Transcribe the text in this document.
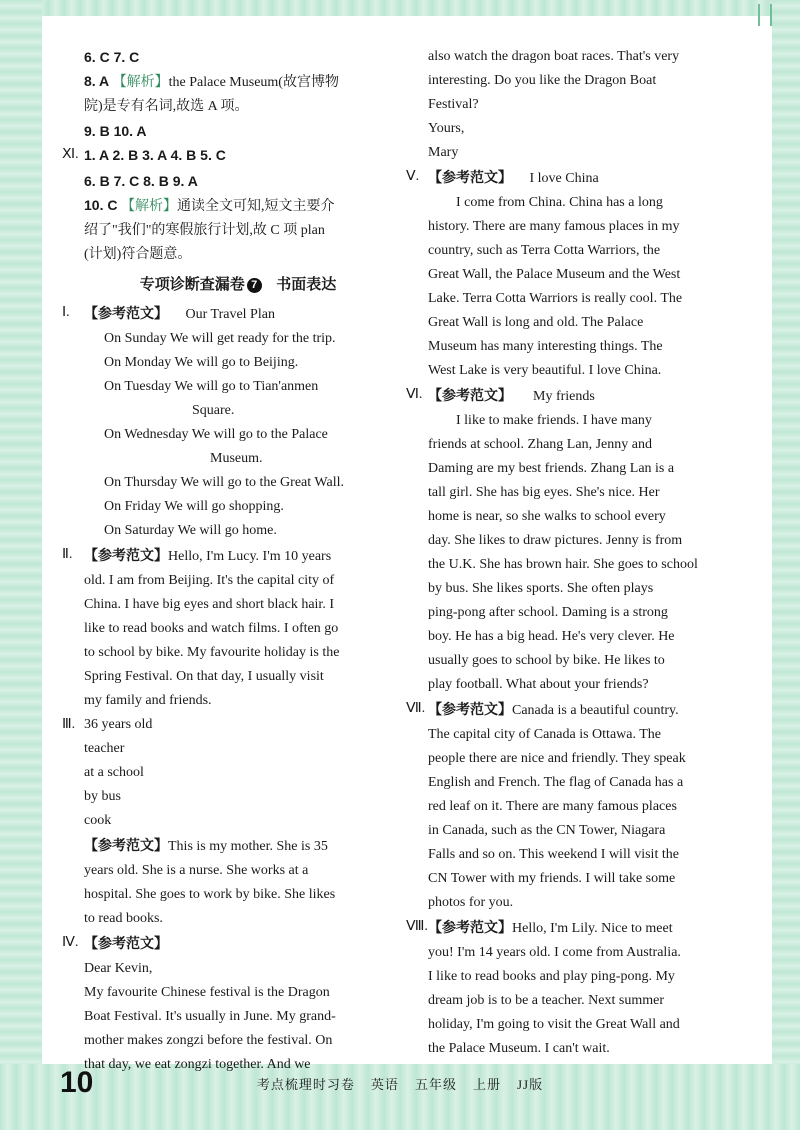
6. C 7. C
8. A 【解析】the Palace Museum(故宫博物
院)是专有名词,故选 A 项。
9. B 10. A
Ⅺ. 1. A 2. B 3. A 4. B 5. C
6. B 7. C 8. B 9. A
10. C 【解析】通读全文可知,短文主要介
绍了"我们"的寒假旅行计划,故 C 项 plan
(计划)符合题意。
专项诊断查漏卷 7 书面表达
Ⅰ. 【参考范文】 Our Travel Plan
On Sunday We will get ready for the trip.
On Monday We will go to Beijing.
On Tuesday We will go to Tian'anmen
Square.
On Wednesday We will go to the Palace
Museum.
On Thursday We will go to the Great Wall.
On Friday We will go shopping.
On Saturday We will go home.
Ⅱ. 【参考范文】Hello, I'm Lucy. I'm 10 years
old. I am from Beijing. It's the capital city of
China. I have big eyes and short black hair. I
like to read books and watch films. I often go
to school by bike. My favourite holiday is the
Spring Festival. On that day, I usually visit
my family and friends.
Ⅲ. 36 years old
teacher
at a school
by bus
cook
【参考范文】This is my mother. She is 35
years old. She is a nurse. She works at a
hospital. She goes to work by bike. She likes
to read books.
Ⅳ. 【参考范文】
Dear Kevin,
My favourite Chinese festival is the Dragon
Boat Festival. It's usually in June. My grand-
mother makes zongzi before the festival. On
that day, we eat zongzi together. And we
also watch the dragon boat races. That's very
interesting. Do you like the Dragon Boat
Festival?
Yours,
Mary
Ⅴ. 【参考范文】 I love China
I come from China. China has a long
history. There are many famous places in my
country, such as Terra Cotta Warriors, the
Great Wall, the Palace Museum and the West
Lake. Terra Cotta Warriors is really cool. The
Great Wall is long and old. The Palace
Museum has many interesting things. The
West Lake is very beautiful. I love China.
Ⅵ. 【参考范文】 My friends
I like to make friends. I have many
friends at school. Zhang Lan, Jenny and
Daming are my best friends. Zhang Lan is a
tall girl. She has big eyes. She's nice. Her
home is near, so she walks to school every
day. She likes to draw pictures. Jenny is from
the U.K. She has brown hair. She goes to school
by bus. She likes sports. She often plays
ping-pong after school. Daming is a strong
boy. He has a big head. He's very clever. He
usually goes to school by bike. He likes to
play football. What about your friends?
Ⅶ. 【参考范文】Canada is a beautiful country.
The capital city of Canada is Ottawa. The
people there are nice and friendly. They speak
English and French. The flag of Canada has a
red leaf on it. There are many famous places
in Canada, such as the CN Tower, Niagara
Falls and so on. This weekend I will visit the
CN Tower with my friends. I will take some
photos for you.
Ⅷ. 【参考范文】Hello, I'm Lily. Nice to meet
you! I'm 14 years old. I come from Australia.
I like to read books and play ping-pong. My
dream job is to be a teacher. Next summer
holiday, I'm going to visit the Great Wall and
the Palace Museum. I can't wait.
10	考点梳理时习卷 英语 五年级 上册 JJ版
